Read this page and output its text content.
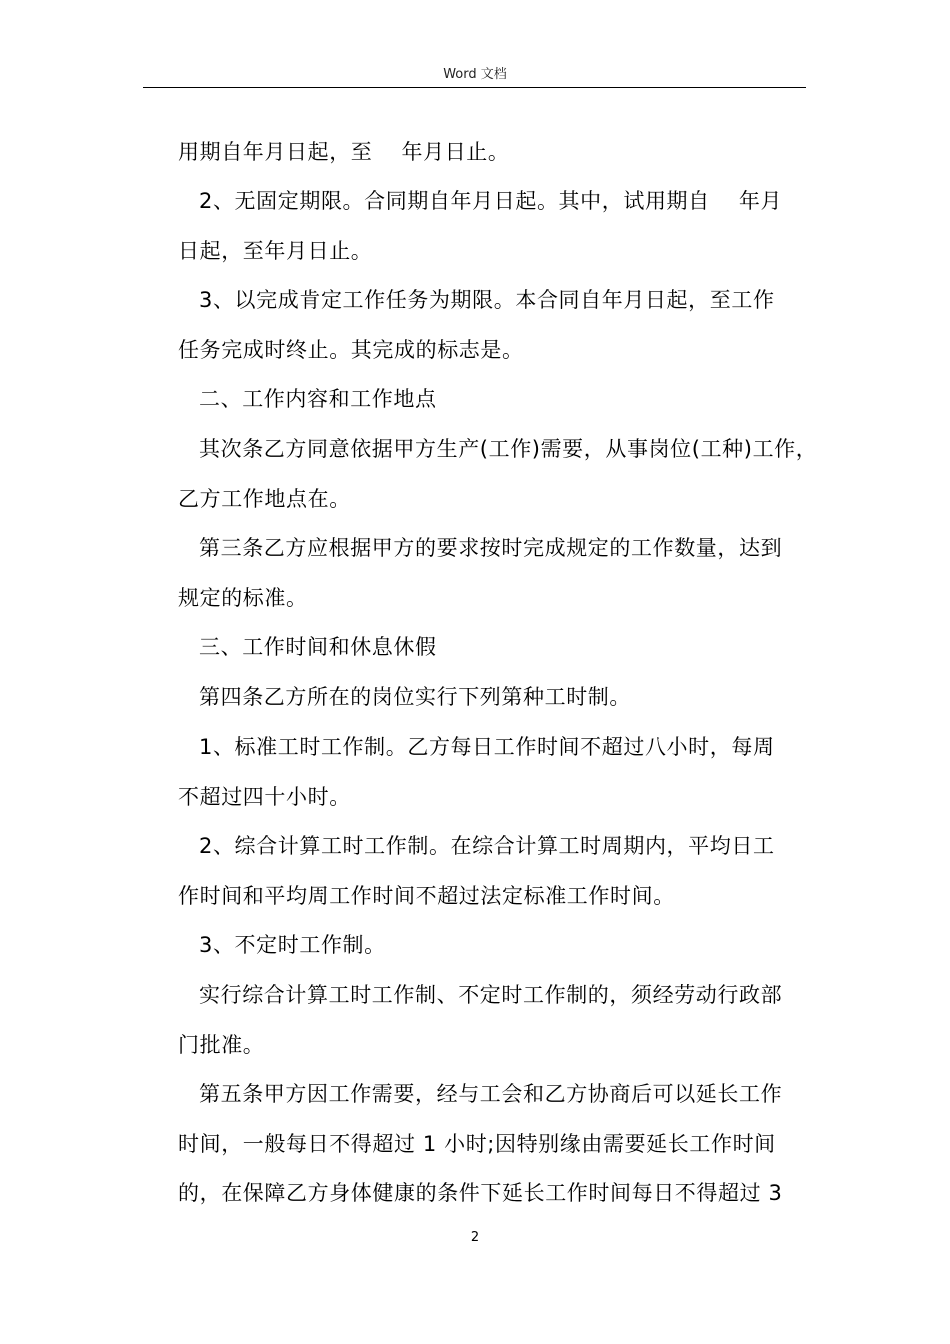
Word 文档
用期自年月日起，至    年月日止。
2、无固定期限。合同期自年月日起。其中，试用期自    年月
日起，至年月日止。
3、以完成肯定工作任务为期限。本合同自年月日起，至工作
任务完成时终止。其完成的标志是。
二、工作内容和工作地点
其次条乙方同意依据甲方生产(工作)需要，从事岗位(工种)工作，
乙方工作地点在。
第三条乙方应根据甲方的要求按时完成规定的工作数量，达到
规定的标准。
三、工作时间和休息休假
第四条乙方所在的岗位实行下列第种工时制。
1、标准工时工作制。乙方每日工作时间不超过八小时，每周
不超过四十小时。
2、综合计算工时工作制。在综合计算工时周期内，平均日工
作时间和平均周工作时间不超过法定标准工作时间。
3、不定时工作制。
实行综合计算工时工作制、不定时工作制的，须经劳动行政部
门批准。
第五条甲方因工作需要，经与工会和乙方协商后可以延长工作
时间，一般每日不得超过 1 小时;因特别缘由需要延长工作时间
的，在保障乙方身体健康的条件下延长工作时间每日不得超过 3
2
